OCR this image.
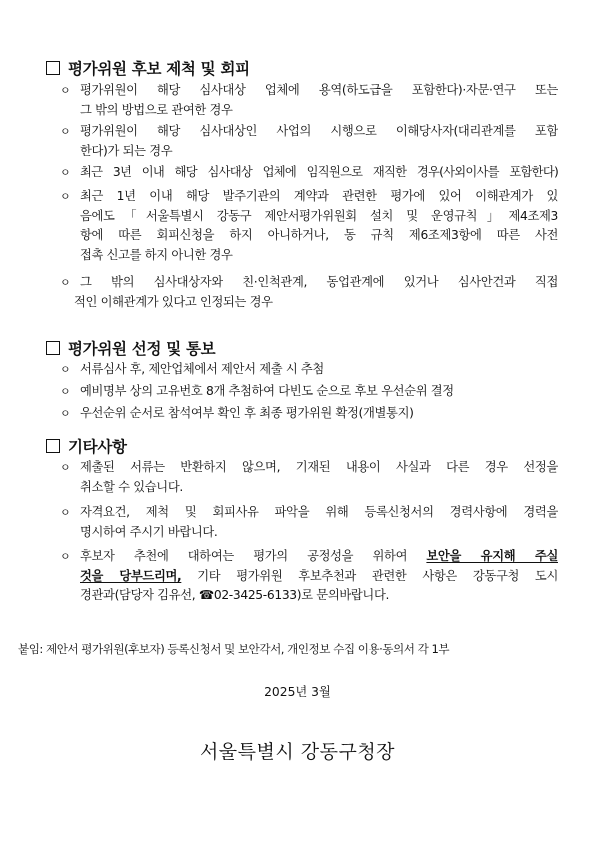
평가위원 후보 제척 및 회피
ㅇ 평가위원이 해당 심사대상 업체에 용역(하도급을 포함한다)·자문·연구 또는
그 밖의 방법으로 관여한 경우
ㅇ 평가위원이 해당 심사대상인 사업의 시행으로 이해당사자(대리관계를 포함
한다)가 되는 경우
ㅇ 최근 3년 이내 해당 심사대상 업체에 임직원으로 재직한 경우(사외이사를 포함한다)
ㅇ 최근 1년 이내 해당 발주기관의 계약과 관련한 평가에 있어 이해관계가 있
음에도「서울특별시 강동구 제안서평가위원회 설치 및 운영규칙」제4조제3
항에 따른 회피신청을 하지 아니하거나, 동 규칙 제6조제3항에 따른 사전
접촉 신고를 하지 아니한 경우
ㅇ 그 밖의 심사대상자와 친·인척관계, 동업관계에 있거나 심사안건과 직접
적인 이해관계가 있다고 인정되는 경우
평가위원 선정 및 통보
ㅇ 서류심사 후, 제안업체에서 제안서 제출 시 추첨
ㅇ 예비명부 상의 고유번호 8개 추첨하여 다빈도 순으로 후보 우선순위 결정
ㅇ 우선순위 순서로 참석여부 확인 후 최종 평가위원 확정(개별통지)
기타사항
ㅇ 제출된 서류는 반환하지 않으며, 기재된 내용이 사실과 다른 경우 선정을
취소할 수 있습니다.
ㅇ 자격요건, 제척 및 회피사유 파악을 위해 등록신청서의 경력사항에 경력을
명시하여 주시기 바랍니다.
ㅇ 후보자 추천에 대하여는 평가의 공정성을 위하여 보안을 유지해 주실
것을 당부드리며, 기타 평가위원 후보추천과 관련한 사항은 강동구청 도시
경관과(담당자 김유선, ☎02-3425-6133)로 문의바랍니다.
붙임: 제안서 평가위원(후보자) 등록신청서 및 보안각서, 개인정보 수집 이용·동의서 각 1부
2025년 3월
서울특별시 강동구청장
